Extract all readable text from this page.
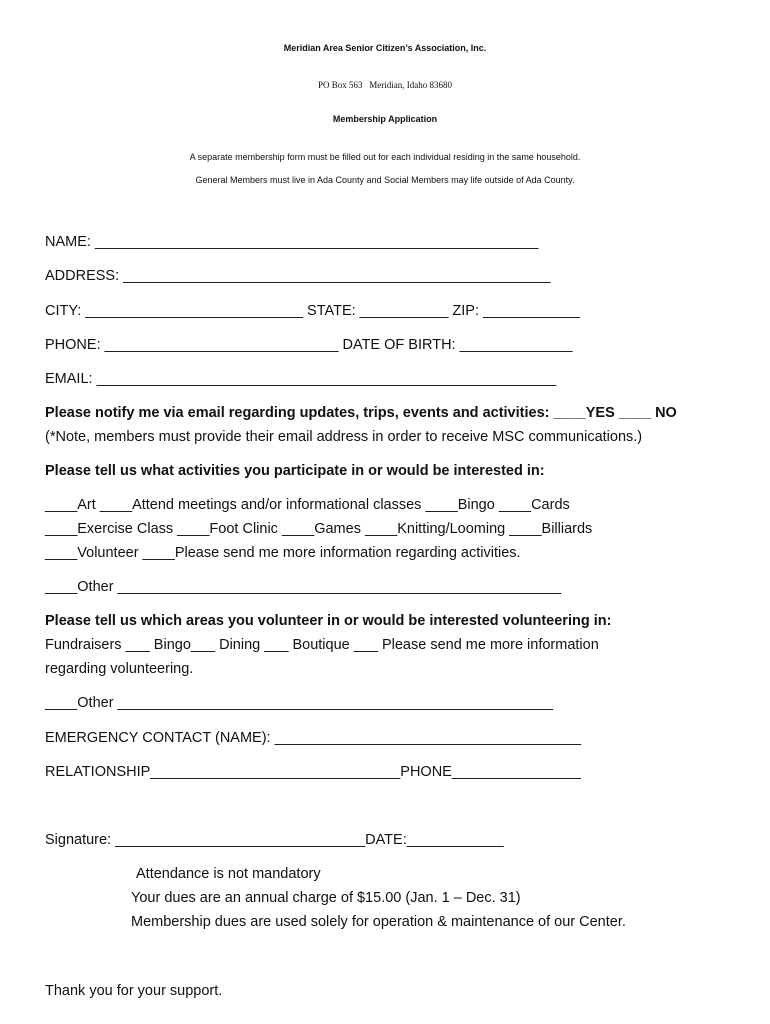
Meridian Area Senior Citizen’s Association, Inc.
PO Box 563   Meridian, Idaho 83680
Membership Application
A separate membership form must be filled out for each individual residing in the same household.
General Members must live in Ada County and Social Members may life outside of Ada County.
NAME: _______________________________________________________
ADDRESS: _____________________________________________________
CITY: ___________________________ STATE: ___________ ZIP: ____________
PHONE: _____________________________ DATE OF BIRTH: ______________
EMAIL: _________________________________________________________
Please notify me via email regarding updates, trips, events and activities: ____YES ____ NO
(*Note, members must provide their email address in order to receive MSC communications.)
Please tell us what activities you participate in or would be interested in:
____Art ____Attend meetings and/or informational classes ____Bingo ____Cards
____Exercise Class ____Foot Clinic ____Games ____Knitting/Looming ____Billiards
____Volunteer ____Please send me more information regarding activities.
____Other _______________________________________________________
Please tell us which areas you volunteer in or would be interested volunteering in:
Fundraisers ___ Bingo___ Dining ___ Boutique ___ Please send me more information
regarding volunteering.
____Other ______________________________________________________
EMERGENCY CONTACT (NAME): ______________________________________
RELATIONSHIP_______________________________PHONE________________
Signature: _______________________________DATE:____________
Attendance is not mandatory
Your dues are an annual charge of $15.00 (Jan. 1 – Dec. 31)
Membership dues are used solely for operation & maintenance of our Center.
Thank you for your support.
